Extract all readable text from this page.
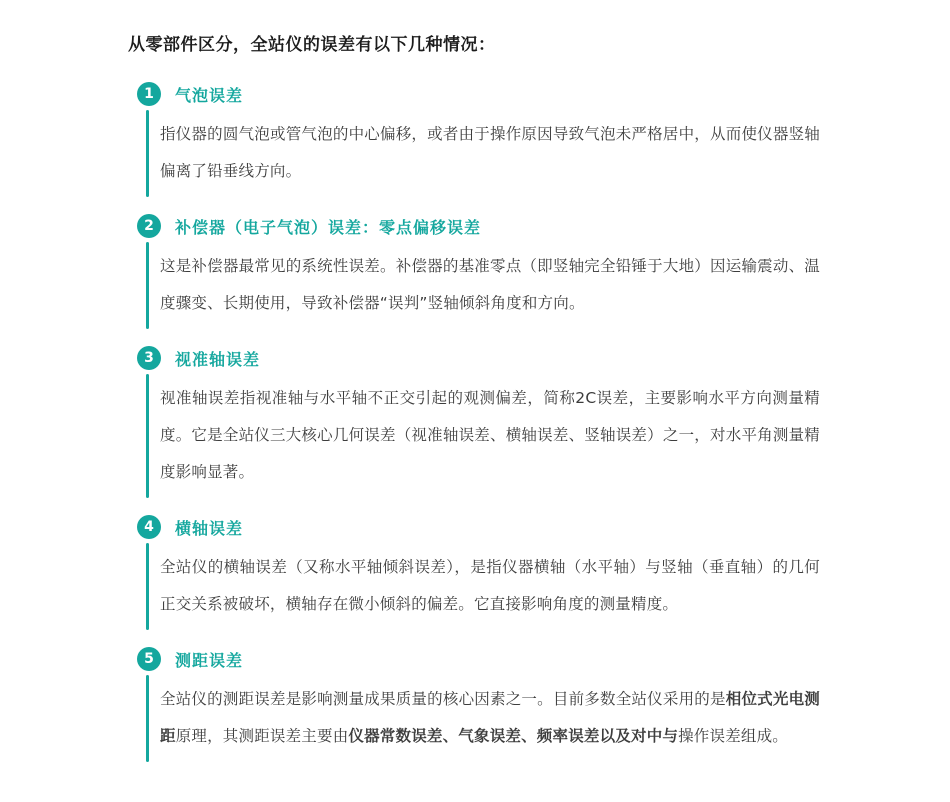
从零部件区分，全站仪的误差有以下几种情况：
1	气泡误差

指仪器的圆气泡或管气泡的中心偏移，或者由于操作原因导致气泡未严格居中，从而使仪器竖轴偏离了铅垂线方向。

2	补偿器（电子气泡）误差：零点偏移误差

这是补偿器最常见的系统性误差。补偿器的基准零点（即竖轴完全铅锤于大地）因运输震动、温度骤变、长期使用，导致补偿器“误判”竖轴倾斜角度和方向。

3	视准轴误差

视准轴误差指视准轴与水平轴不正交引起的观测偏差，简称2C误差，主要影响水平方向测量精度。它是全站仪三大核心几何误差（视准轴误差、横轴误差、竖轴误差）之一，对水平角测量精度影响显著。

4	横轴误差

全站仪的横轴误差（又称水平轴倾斜误差），是指仪器横轴（水平轴）与竖轴（垂直轴）的几何正交关系被破坏，横轴存在微小倾斜的偏差。它直接影响角度的测量精度。

5	测距误差

全站仪的测距误差是影响测量成果质量的核心因素之一。目前多数全站仪采用的是相位式光电测距原理，其测距误差主要由仪器常数误差、气象误差、频率误差以及对中与操作误差组成。
